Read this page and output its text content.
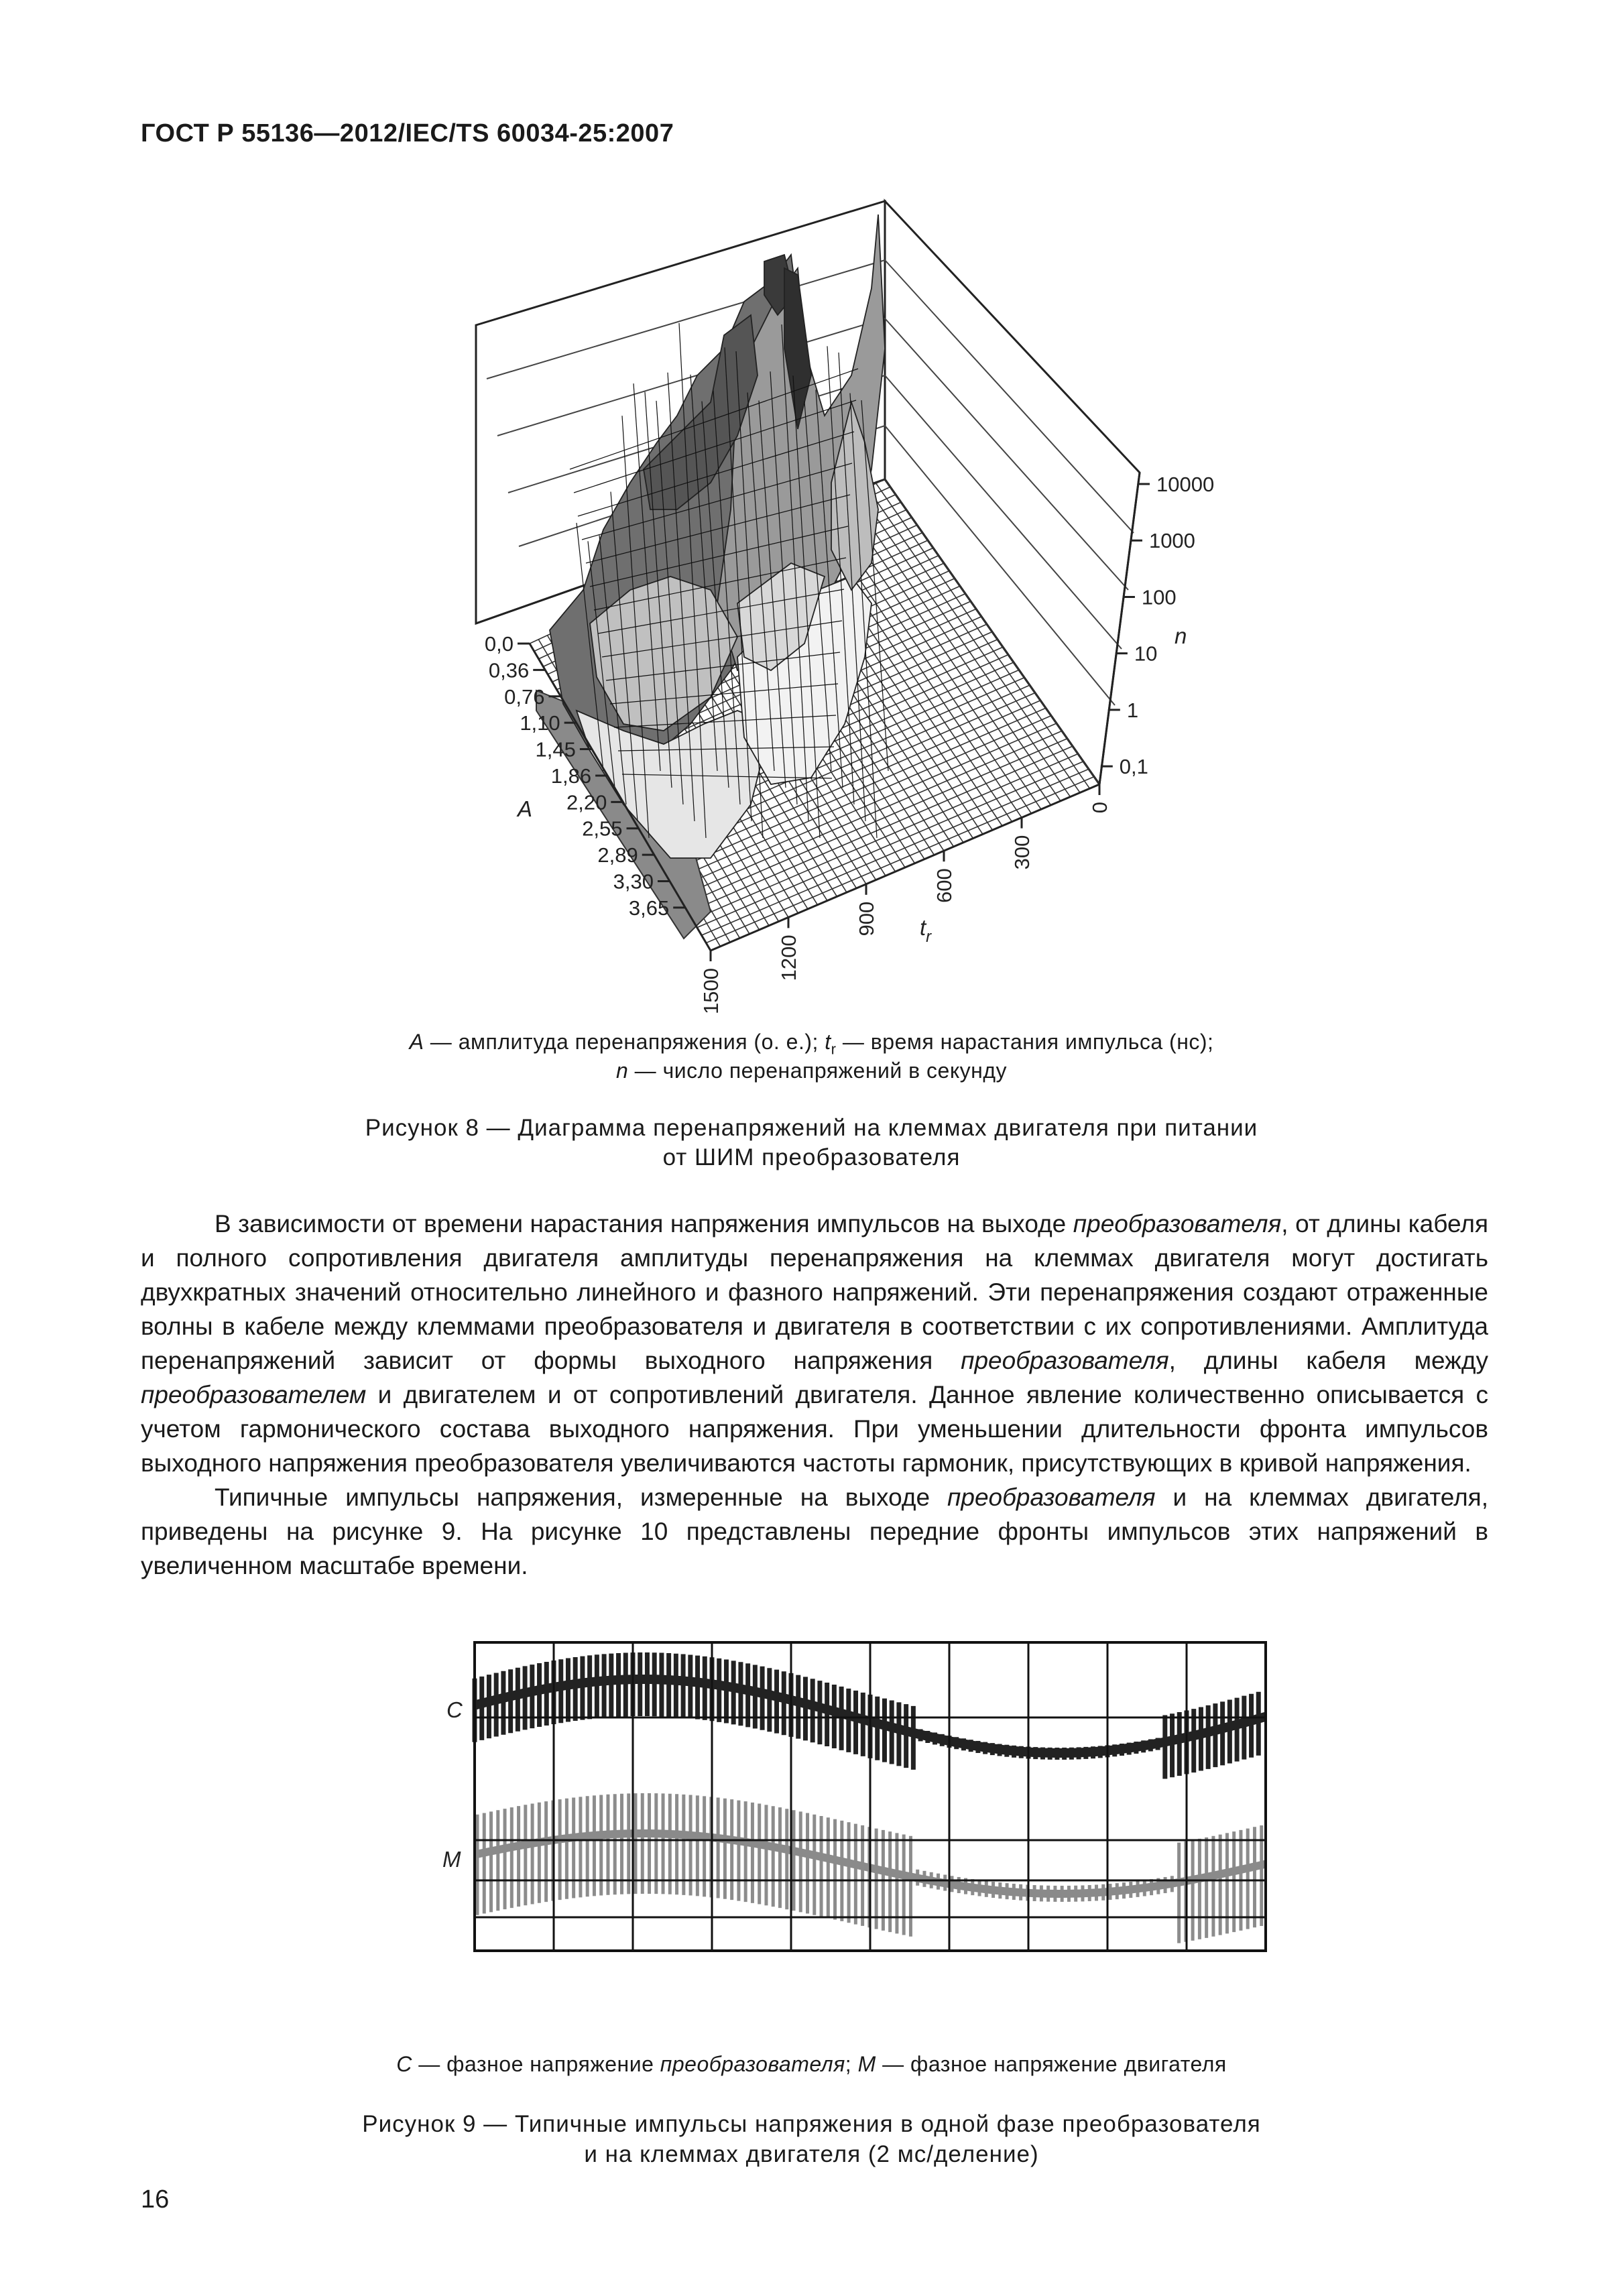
ГОСТ Р 55136—2012/IEC/TS 60034-25:2007
0,0
0,36
0,76
1,10
1,45
1,86
2,20
2,55
2,89
3,30
3,65
1500
1200
900
600
300
0
10000
1000
100
10
1
0,1
A
$t_r$
n
A — амплитуда перенапряжения (о. е.); $t_r$ — время нарастания импульса (нс);
n — число перенапряжений в секунду
Рисунок 8 — Диаграмма перенапряжений на клеммах двигателя при питании
от ШИМ преобразователя

В зависимости от времени нарастания напряжения импульсов на выходе преобразователя, от длины кабеля и полного сопротивления двигателя амплитуды перенапряжения на клеммах двигателя могут достигать двухкратных значений относительно линейного и фазного напряжений. Эти перенапряжения создают отраженные волны в кабеле между клеммами преобразователя и двигателя в соответствии с их сопротивлениями. Амплитуда перенапряжений зависит от формы выходного напряжения преобразователя, длины кабеля между преобразователем и двигателем и от сопротивлений двигателя. Данное явление количественно описывается с учетом гармонического состава выходного напряжения. При уменьшении длительности фронта импульсов выходного напряжения преобразователя увеличиваются частоты гармоник, присутствующих в кривой напряжения.

Типичные импульсы напряжения, измеренные на выходе преобразователя и на клеммах двигателя, приведены на рисунке 9. На рисунке 10 представлены передние фронты импульсов этих напряжений в увеличенном масштабе времени.

C
M
C — фазное напряжение преобразователя; M — фазное напряжение двигателя
Рисунок 9 — Типичные импульсы напряжения в одной фазе преобразователя
и на клеммах двигателя (2 мс/деление)
16
